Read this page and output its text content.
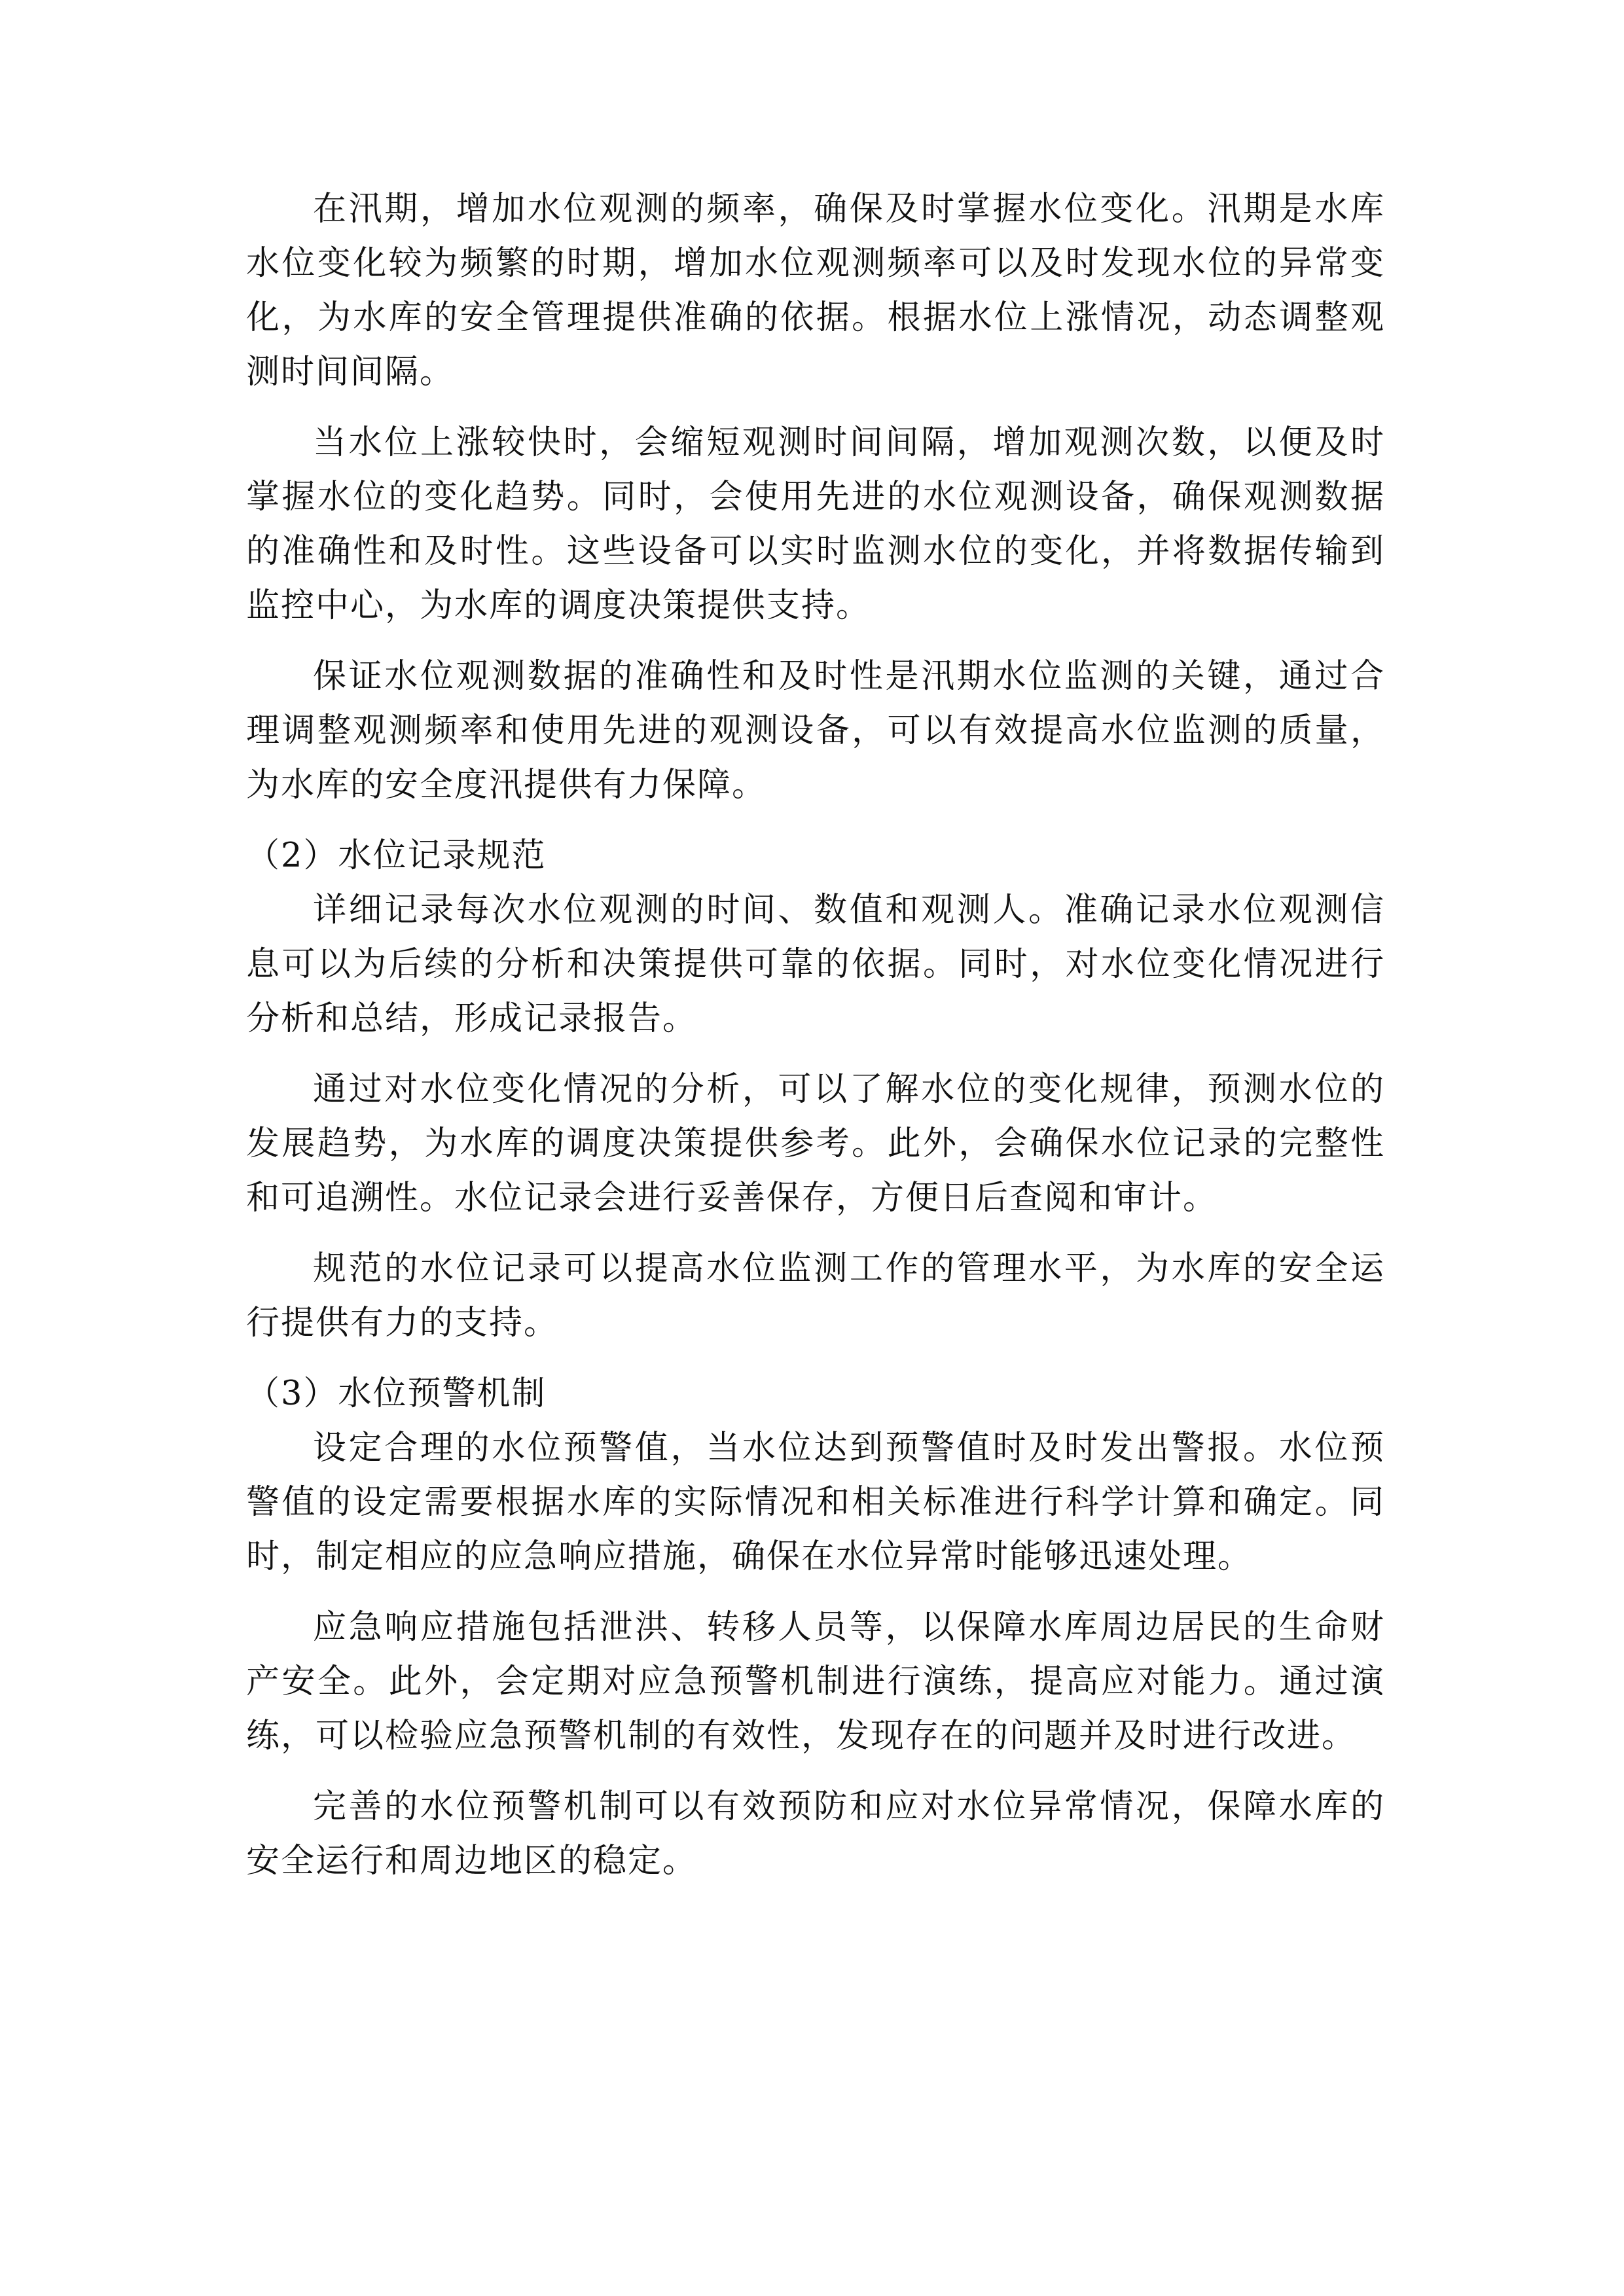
在汛期，增加水位观测的频率，确保及时掌握水位变化。汛期是水库水位变化较为频繁的时期，增加水位观测频率可以及时发现水位的异常变化，为水库的安全管理提供准确的依据。根据水位上涨情况，动态调整观测时间间隔。

当水位上涨较快时，会缩短观测时间间隔，增加观测次数，以便及时掌握水位的变化趋势。同时，会使用先进的水位观测设备，确保观测数据的准确性和及时性。这些设备可以实时监测水位的变化，并将数据传输到监控中心，为水库的调度决策提供支持。

保证水位观测数据的准确性和及时性是汛期水位监测的关键，通过合理调整观测频率和使用先进的观测设备，可以有效提高水位监测的质量，为水库的安全度汛提供有力保障。

（2）水位记录规范

详细记录每次水位观测的时间、数值和观测人。准确记录水位观测信息可以为后续的分析和决策提供可靠的依据。同时，对水位变化情况进行分析和总结，形成记录报告。

通过对水位变化情况的分析，可以了解水位的变化规律，预测水位的发展趋势，为水库的调度决策提供参考。此外，会确保水位记录的完整性和可追溯性。水位记录会进行妥善保存，方便日后查阅和审计。

规范的水位记录可以提高水位监测工作的管理水平，为水库的安全运行提供有力的支持。

（3）水位预警机制

设定合理的水位预警值，当水位达到预警值时及时发出警报。水位预警值的设定需要根据水库的实际情况和相关标准进行科学计算和确定。同时，制定相应的应急响应措施，确保在水位异常时能够迅速处理。

应急响应措施包括泄洪、转移人员等，以保障水库周边居民的生命财产安全。此外，会定期对应急预警机制进行演练，提高应对能力。通过演练，可以检验应急预警机制的有效性，发现存在的问题并及时进行改进。

完善的水位预警机制可以有效预防和应对水位异常情况，保障水库的安全运行和周边地区的稳定。
